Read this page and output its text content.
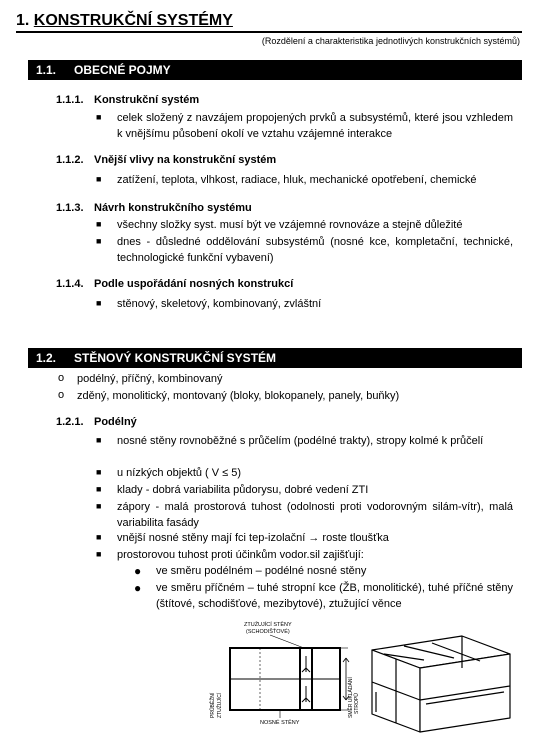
1. KONSTRUKČNÍ SYSTÉMY
(Rozdělení a charakteristika jednotlivých konstrukčních systémů)
1.1. OBECNÉ POJMY
1.1.1. Konstrukční systém
■ celek složený z navzájem propojených prvků a subsystémů, které jsou vzhledem k vnějšímu působení okolí ve vztahu vzájemné interakce
1.1.2. Vnější vlivy na konstrukční systém
■ zatížení, teplota, vlhkost, radiace, hluk, mechanické opotřebení, chemické
1.1.3. Návrh konstrukčního systému
■ všechny složky syst. musí být ve vzájemné rovnováze a stejně důležité
■ dnes - důsledné oddělování subsystémů (nosné kce, kompletační, technické, technologické funkční vybavení)
1.1.4. Podle uspořádání nosných konstrukcí
■ stěnový, skeletový, kombinovaný, zvláštní
1.2. STĚNOVÝ KONSTRUKČNÍ SYSTÉM
o podélný, příčný, kombinovaný
o zděný, monolitický, montovaný (bloky, blokopanely, panely, buňky)
1.2.1. Podélný
■ nosné stěny rovnoběžné s průčelím (podélné trakty), stropy kolmé k průčelí
■ u nízkých objektů ( V ≤ 5)
■ klady - dobrá variabilita půdorysu, dobré vedení ZTI
■ zápory - malá prostorová tuhost (odolnosti proti vodorovným silám-vítr), malá variabilita fasády
■ vnější nosné stěny mají fci tep-izolační → roste tloušťka
■ prostorovou tuhost proti účinkům vodor.sil zajišťují:
● ve směru podélném – podélné nosné stěny
● ve směru příčném – tuhé stropní kce (ŽB, monolitické), tuhé příčné stěny (štítové, schodišťové, mezibytové), ztužující věnce
ZTUŽUJÍCÍ STĚNY
(SCHODIŠŤOVÉ)
NOSNÉ STĚNY
PRŮBĚŽNÍ ZTUŽUJÍCÍ	SMĚR UKLÁDÁNÍ STROPŮ
